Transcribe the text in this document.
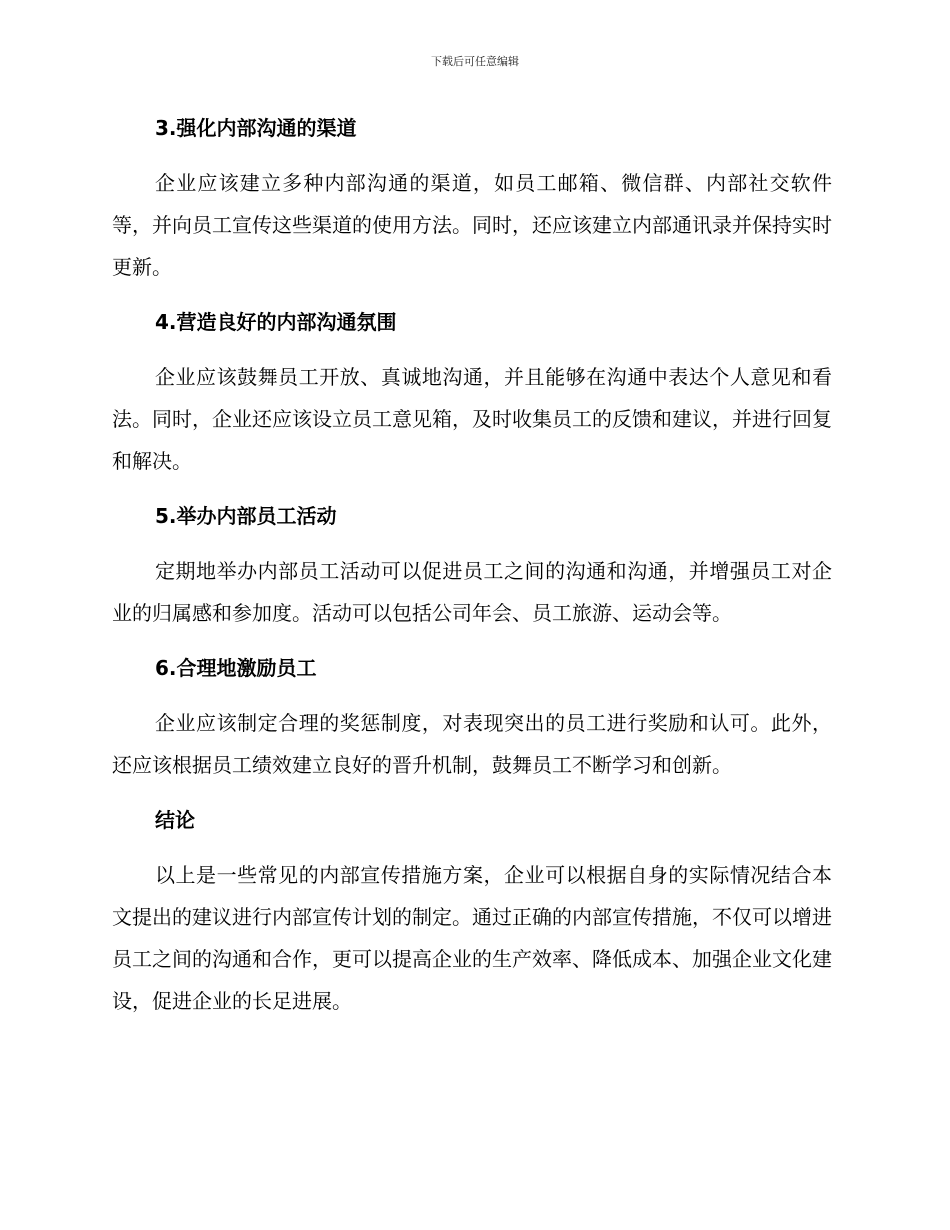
下载后可任意编辑
3.强化内部沟通的渠道

企业应该建立多种内部沟通的渠道，如员工邮箱、微信群、内部社交软件等，并向员工宣传这些渠道的使用方法。同时，还应该建立内部通讯录并保持实时更新。

4.营造良好的内部沟通氛围

企业应该鼓舞员工开放、真诚地沟通，并且能够在沟通中表达个人意见和看法。同时，企业还应该设立员工意见箱，及时收集员工的反馈和建议，并进行回复和解决。

5.举办内部员工活动

定期地举办内部员工活动可以促进员工之间的沟通和沟通，并增强员工对企业的归属感和参加度。活动可以包括公司年会、员工旅游、运动会等。

6.合理地激励员工

企业应该制定合理的奖惩制度，对表现突出的员工进行奖励和认可。此外，还应该根据员工绩效建立良好的晋升机制，鼓舞员工不断学习和创新。

结论

以上是一些常见的内部宣传措施方案，企业可以根据自身的实际情况结合本文提出的建议进行内部宣传计划的制定。通过正确的内部宣传措施，不仅可以增进员工之间的沟通和合作，更可以提高企业的生产效率、降低成本、加强企业文化建设，促进企业的长足进展。
